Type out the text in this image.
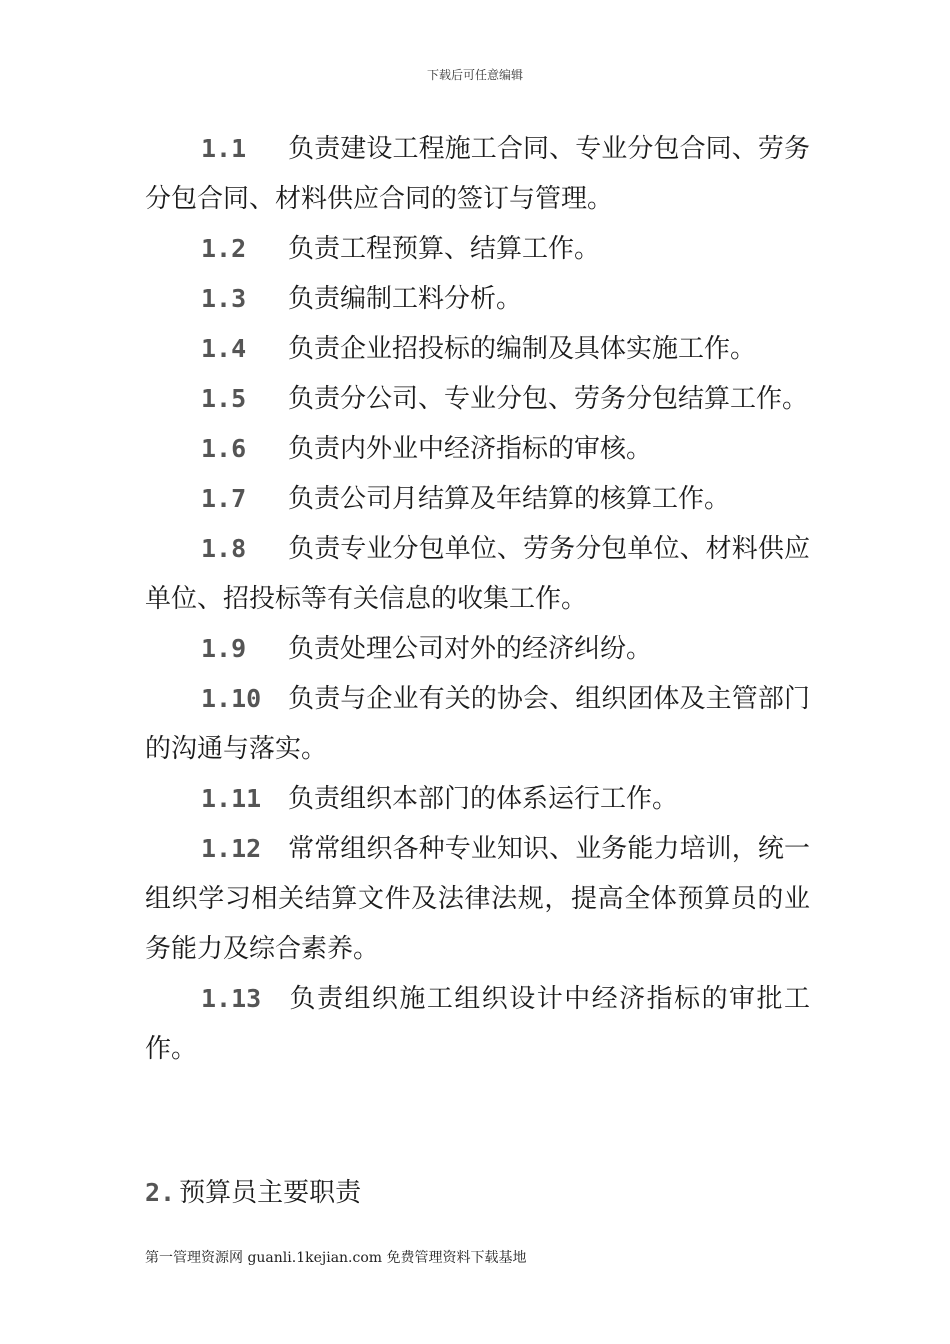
下载后可任意编辑

1.1 负责建设工程施工合同、专业分包合同、劳务分包合同、材料供应合同的签订与管理。

1.2 负责工程预算、结算工作。

1.3 负责编制工料分析。

1.4 负责企业招投标的编制及具体实施工作。

1.5 负责分公司、专业分包、劳务分包结算工作。

1.6 负责内外业中经济指标的审核。

1.7 负责公司月结算及年结算的核算工作。

1.8 负责专业分包单位、劳务分包单位、材料供应单位、招投标等有关信息的收集工作。

1.9 负责处理公司对外的经济纠纷。

1.10 负责与企业有关的协会、组织团体及主管部门的沟通与落实。

1.11 负责组织本部门的体系运行工作。

1.12 常常组织各种专业知识、业务能力培训，统一组织学习相关结算文件及法律法规，提高全体预算员的业务能力及综合素养。

1.13 负责组织施工组织设计中经济指标的审批工作。

2. 预算员主要职责

第一管理资源网 guanli.1kejian.com 免费管理资料下载基地
